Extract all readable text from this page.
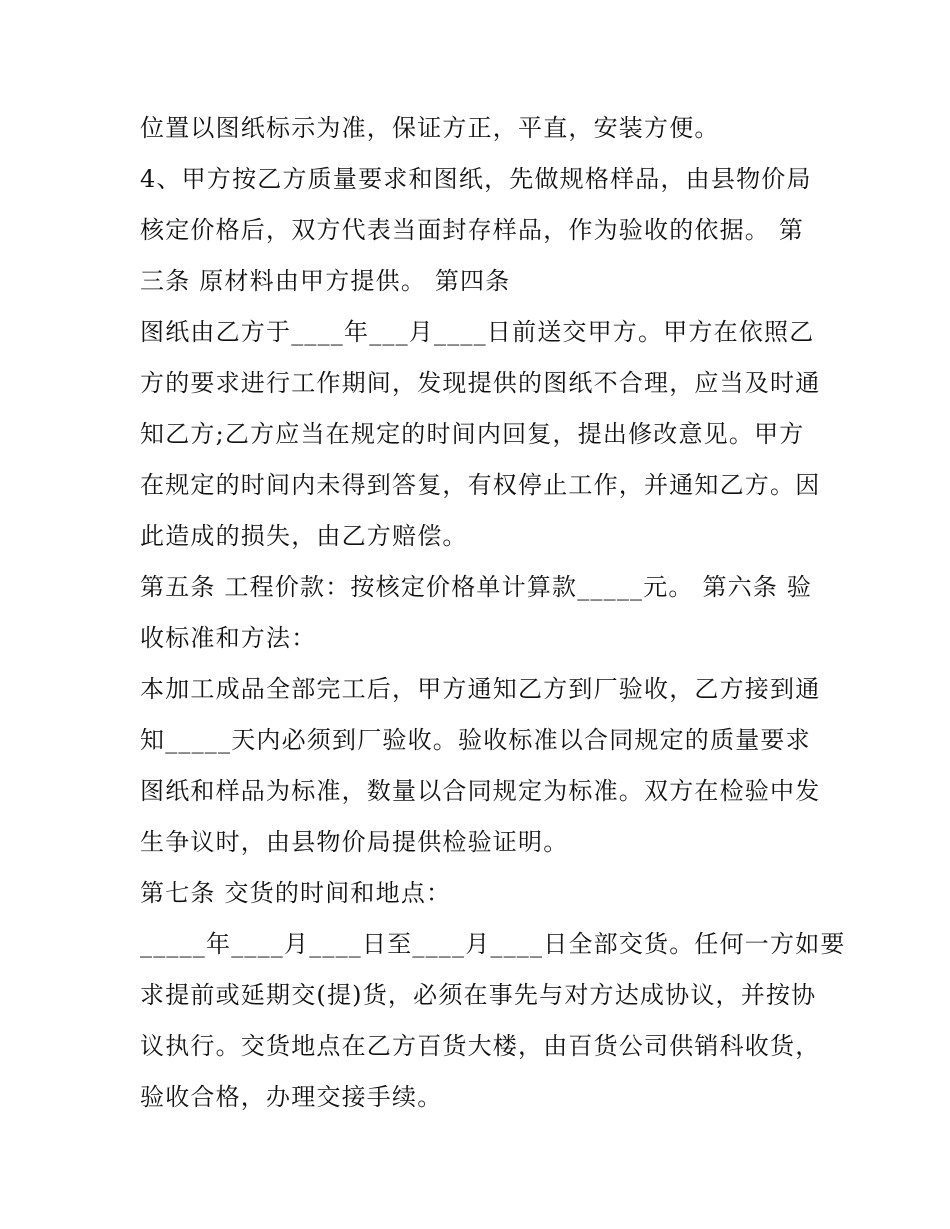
位置以图纸标示为准，保证方正，平直，安装方便。
4、甲方按乙方质量要求和图纸，先做规格样品，由县物价局
核定价格后，双方代表当面封存样品，作为验收的依据。 第
三条 原材料由甲方提供。 第四条
图纸由乙方于____年___月____日前送交甲方。甲方在依照乙
方的要求进行工作期间，发现提供的图纸不合理，应当及时通
知乙方;乙方应当在规定的时间内回复，提出修改意见。甲方
在规定的时间内未得到答复，有权停止工作，并通知乙方。因
此造成的损失，由乙方赔偿。
第五条 工程价款：按核定价格单计算款_____元。 第六条 验
收标准和方法：
本加工成品全部完工后，甲方通知乙方到厂验收，乙方接到通
知_____天内必须到厂验收。验收标准以合同规定的质量要求
图纸和样品为标准，数量以合同规定为标准。双方在检验中发
生争议时，由县物价局提供检验证明。
第七条 交货的时间和地点：
_____年____月____日至____月____日全部交货。任何一方如要
求提前或延期交(提)货，必须在事先与对方达成协议，并按协
议执行。交货地点在乙方百货大楼，由百货公司供销科收货，
验收合格，办理交接手续。
